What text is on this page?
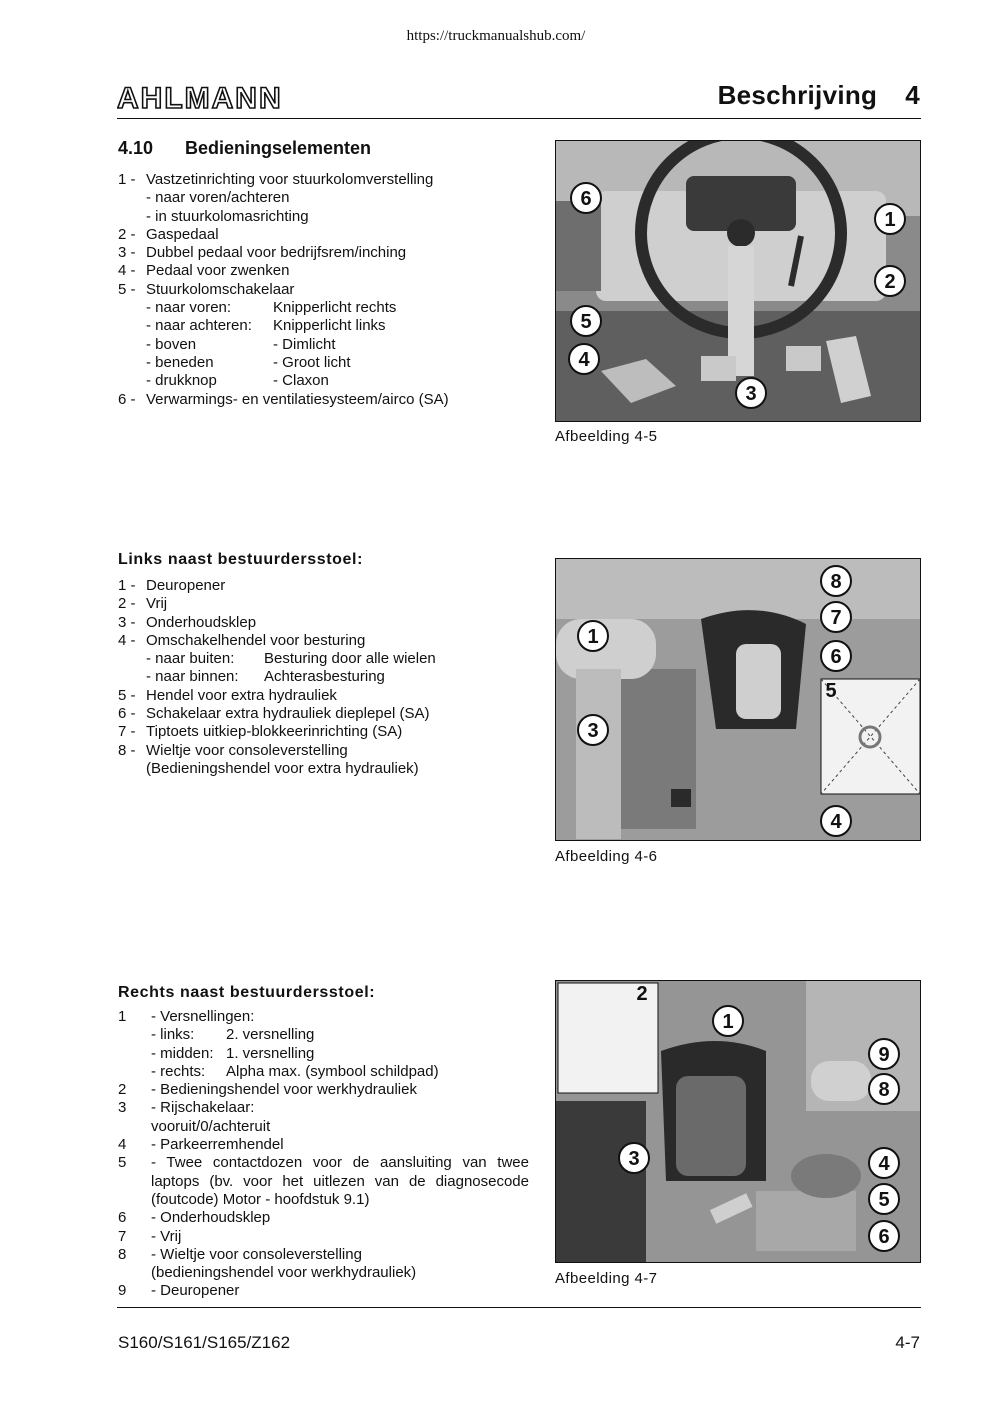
https://truckmanualshub.com/
AHLMANN	Beschrijving 4
4.10 Bedieningselementen
1 - Vastzetinrichting voor stuurkolomverstelling
- naar voren/achteren
- in stuurkolomasrichting
2 - Gaspedaal
3 - Dubbel pedaal voor bedrijfsrem/inching
4 - Pedaal voor zwenken
5 - Stuurkolomschakelaar
- naar voren:	Knipperlicht rechts
- naar achteren: Knipperlicht links
- boven	- Dimlicht
- beneden	- Groot licht
- drukknop	- Claxon
6 - Verwarmings- en ventilatiesysteem/airco (SA)
6
1
2
5
4
3
Afbeelding 4-5
Links naast bestuurdersstoel:
1 - Deuropener
2 - Vrij
3 - Onderhoudsklep
4 - Omschakelhendel voor besturing
- naar buiten: Besturing door alle wielen
- naar binnen: Achterasbesturing
5 - Hendel voor extra hydrauliek
6 - Schakelaar extra hydrauliek dieplepel (SA)
7 - Tiptoets uitkiep-blokkeerinrichting (SA)
8 - Wieltje voor consoleverstelling
(Bedieningshendel voor extra hydrauliek)
8
7
1
6
5
3
4
Afbeelding 4-6
Rechts naast bestuurdersstoel:
1 - Versnellingen:
- links: 2. versnelling
- midden: 1. versnelling
- rechts: Alpha max. (symbool schildpad)
2 - Bedieningshendel voor werkhydrauliek
3 - Rijschakelaar:
vooruit/0/achteruit
4 - Parkeerremhendel
5 - Twee contactdozen voor de aansluiting van twee
laptops (bv. voor het uitlezen van de diagnosecode
(foutcode) Motor - hoofdstuk 9.1)
6 - Onderhoudsklep
7 - Vrij
8 - Wieltje voor consoleverstelling
(bedieningshendel voor werkhydrauliek)
9 - Deuropener
2
1
9
8
3	4
5
6
Afbeelding 4-7
S160/S161/S165/Z162	4-7
